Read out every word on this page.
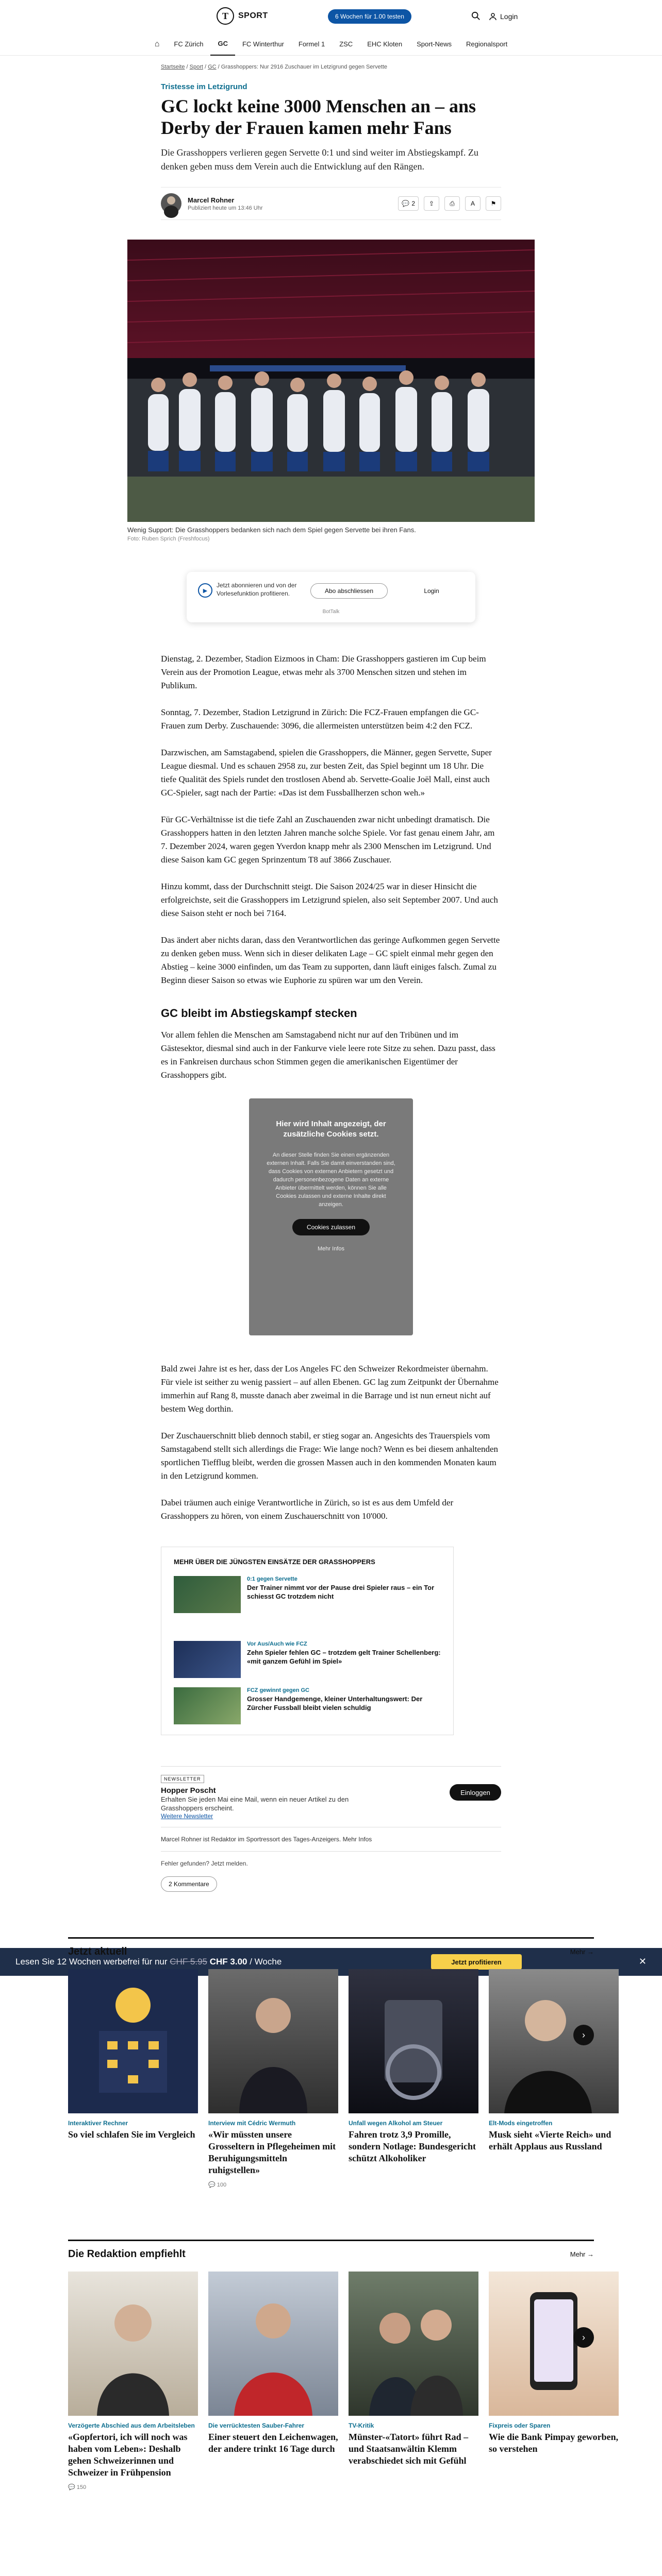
T	SPORT	6 Wochen für 1.00 testen	Login
⌂	FC Zürich	GC	FC Winterthur	Formel 1	ZSC	EHC Kloten	Sport-News	Regionalsport
Startseite / Sport / GC / Grasshoppers: Nur 2916 Zuschauer im Letzigrund gegen Servette
Tristesse im Letzigrund
GC lockt keine 3000 Menschen an – ans Derby der Frauen kamen mehr Fans

Die Grasshoppers verlieren gegen Servette 0:1 und sind weiter im Abstiegskampf. Zu denken geben muss dem Verein auch die Entwicklung auf den Rängen.

Marcel Rohner
Publiziert heute um 13:46 Uhr
💬 2 ⇪	⎙	A	⚑
Wenig Support: Die Grasshoppers bedanken sich nach dem Spiel gegen Servette bei ihren Fans.
Foto: Ruben Sprich (Freshfocus)
▶
Jetzt abonnieren und von der Vorlesefunktion profitieren.	Abo abschliessen	Login
BotTalk

Dienstag, 2. Dezember, Stadion Eizmoos in Cham: Die Grasshoppers gastieren im Cup beim Verein aus der Promotion League, etwas mehr als 3700 Menschen sitzen und stehen im Publikum.

Sonntag, 7. Dezember, Stadion Letzigrund in Zürich: Die FCZ-Frauen empfangen die GC-Frauen zum Derby. Zuschauende: 3096, die allermeisten unterstützen beim 4:2 den FCZ.

Darzwischen, am Samstagabend, spielen die Grasshoppers, die Männer, gegen Servette, Super League diesmal. Und es schauen 2958 zu, zur besten Zeit, das Spiel beginnt um 18 Uhr. Die tiefe Qualität des Spiels rundet den trostlosen Abend ab. Servette-Goalie Joël Mall, einst auch GC-Spieler, sagt nach der Partie: «Das ist dem Fussballherzen schon weh.»

Für GC-Verhältnisse ist die tiefe Zahl an Zuschauenden zwar nicht unbedingt dramatisch. Die Grasshoppers hatten in den letzten Jahren manche solche Spiele. Vor fast genau einem Jahr, am 7. Dezember 2024, waren gegen Yverdon knapp mehr als 2300 Menschen im Letzigrund. Und diese Saison kam GC gegen Sprinzentum T8 auf 3866 Zuschauer.

Hinzu kommt, dass der Durchschnitt steigt. Die Saison 2024/25 war in dieser Hinsicht die erfolgreichste, seit die Grasshoppers im Letzigrund spielen, also seit September 2007. Und auch diese Saison steht er noch bei 7164.

Das ändert aber nichts daran, dass den Verantwortlichen das geringe Aufkommen gegen Servette zu denken geben muss. Wenn sich in dieser delikaten Lage – GC spielt einmal mehr gegen den Abstieg – keine 3000 einfinden, um das Team zu supporten, dann läuft einiges falsch. Zumal zu Beginn dieser Saison so etwas wie Euphorie zu spüren war um den Verein.

GC bleibt im Abstiegskampf stecken

Vor allem fehlen die Menschen am Samstagabend nicht nur auf den Tribünen und im Gästesektor, diesmal sind auch in der Fankurve viele leere rote Sitze zu sehen. Dazu passt, dass es in Fankreisen durchaus schon Stimmen gegen die amerikanischen Eigentümer der Grasshoppers gibt.

Hier wird Inhalt angezeigt, der zusätzliche Cookies setzt.
An dieser Stelle finden Sie einen ergänzenden externen Inhalt. Falls Sie damit einverstanden sind, dass Cookies von externen Anbietern gesetzt und dadurch personenbezogene Daten an externe Anbieter übermittelt werden, können Sie alle Cookies zulassen und externe Inhalte direkt anzeigen.
Cookies zulassen
Mehr Infos

Bald zwei Jahre ist es her, dass der Los Angeles FC den Schweizer Rekordmeister übernahm. Für viele ist seither zu wenig passiert – auf allen Ebenen. GC lag zum Zeitpunkt der Übernahme immerhin auf Rang 8, musste danach aber zweimal in die Barrage und ist nun erneut nicht auf bestem Weg dorthin.

Der Zuschauerschnitt blieb dennoch stabil, er stieg sogar an. Angesichts des Trauerspiels vom Samstagabend stellt sich allerdings die Frage: Wie lange noch? Wenn es bei diesem anhaltenden sportlichen Tiefflug bleibt, werden die grossen Massen auch in den kommenden Monaten kaum in den Letzigrund kommen.

Dabei träumen auch einige Verantwortliche in Zürich, so ist es aus dem Umfeld der Grasshoppers zu hören, von einem Zuschauerschnitt von 10'000.

MEHR ÜBER DIE JÜNGSTEN EINSÄTZE DER GRASSHOPPERS
0:1 gegen Servette
Der Trainer nimmt vor der Pause drei Spieler raus – ein Tor schiesst GC trotzdem nicht
Vor Aus/Auch wie FCZ
Zehn Spieler fehlen GC – trotzdem gelt Trainer Schellenberg: «mit ganzem Gefühl im Spiel»
FCZ gewinnt gegen GC
Grosser Handgemenge, kleiner Unterhaltungswert: Der Zürcher Fussball bleibt vielen schuldig
NEWSLETTER
Hopper Poscht
Erhalten Sie jeden Mai eine Mail, wenn ein neuer Artikel zu den Grasshoppers erscheint.
Weitere Newsletter
Einloggen
Marcel Rohner ist Redaktor im Sportressort des Tages-Anzeigers. Mehr Infos
Fehler gefunden? Jetzt melden.
2 Kommentare
Lesen Sie 12 Wochen werbefrei für nur CHF 5.95 CHF 3.00 / Woche	Jetzt profitieren	✕
Jetzt aktuell	Mehr →
Interaktiver Rechner
So viel schlafen Sie im Vergleich
Interview mit Cédric Wermuth
«Wir müssten unsere Grosseltern in Pflegeheimen mit Beruhigungsmitteln ruhigstellen»
💬 100
Unfall wegen Alkohol am Steuer
Fahren trotz 3,9 Promille, sondern Notlage: Bundesgericht schützt Alkoholiker
Elt-Mods eingetroffen
Musk sieht «Vierte Reich» und erhält Applaus aus Russland
›
Die Redaktion empfiehlt	Mehr →
Verzögerte Abschied aus dem Arbeitsleben
«Gopfertori, ich will noch was haben vom Leben»: Deshalb gehen Schweizerinnen und Schweizer in Frühpension
💬 150
Die verrücktesten Sauber-Fahrer
Einer steuert den Leichenwagen, der andere trinkt 16 Tage durch
TV-Kritik
Münster-«Tatort» führt Rad – und Staatsanwältin Klemm verabschiedet sich mit Gefühl
Fixpreis oder Sparen
Wie die Bank Pimpay geworben, so verstehen
›
